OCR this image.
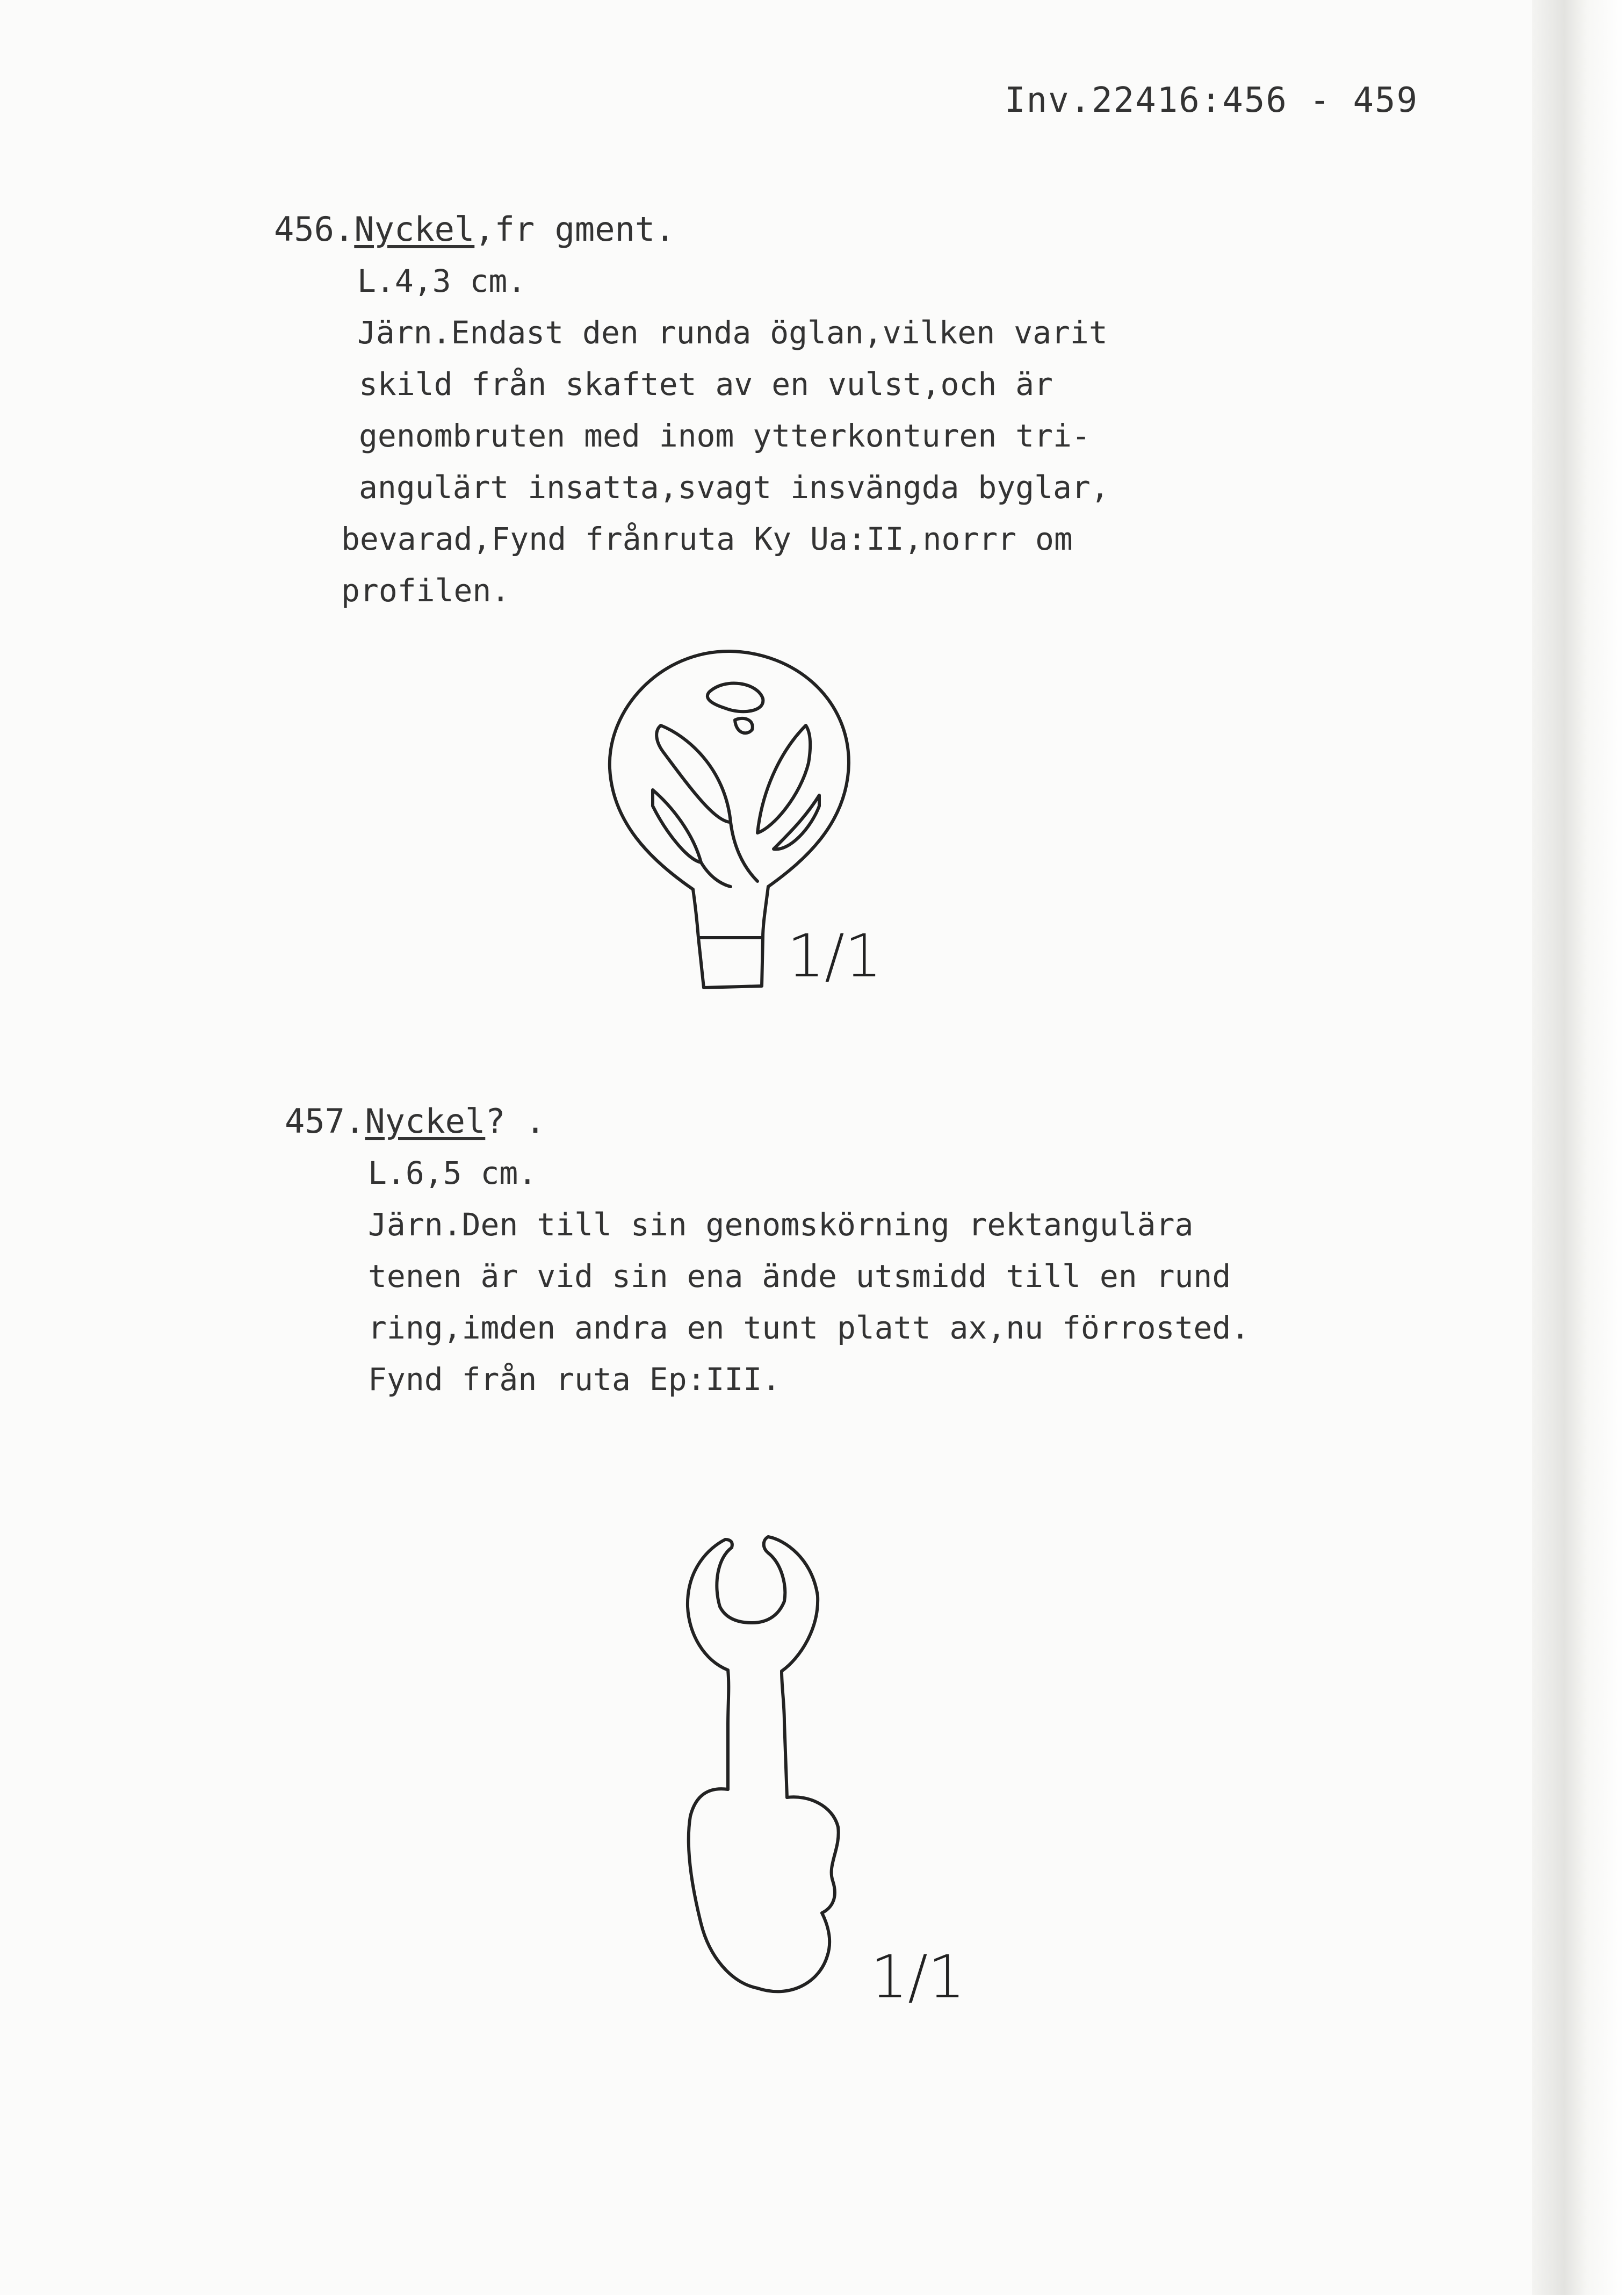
Inv.22416:456 - 459
456.Nyckel,fr gment.
L.4,3 cm.
Järn.Endast den runda öglan,vilken varit
skild från skaftet av en vulst,och är
genombruten med inom ytterkonturen tri-
angulärt insatta,svagt insvängda byglar,
bevarad,Fynd frånruta Ky Ua:II,norrr om
profilen.
1/1
457.Nyckel? .
L.6,5 cm.
Järn.Den till sin genomskörning rektangulära
tenen är vid sin ena ände utsmidd till en rund
ring,imden andra en tunt platt ax,nu förrosted.
Fynd från ruta Ep:III.
1/1
